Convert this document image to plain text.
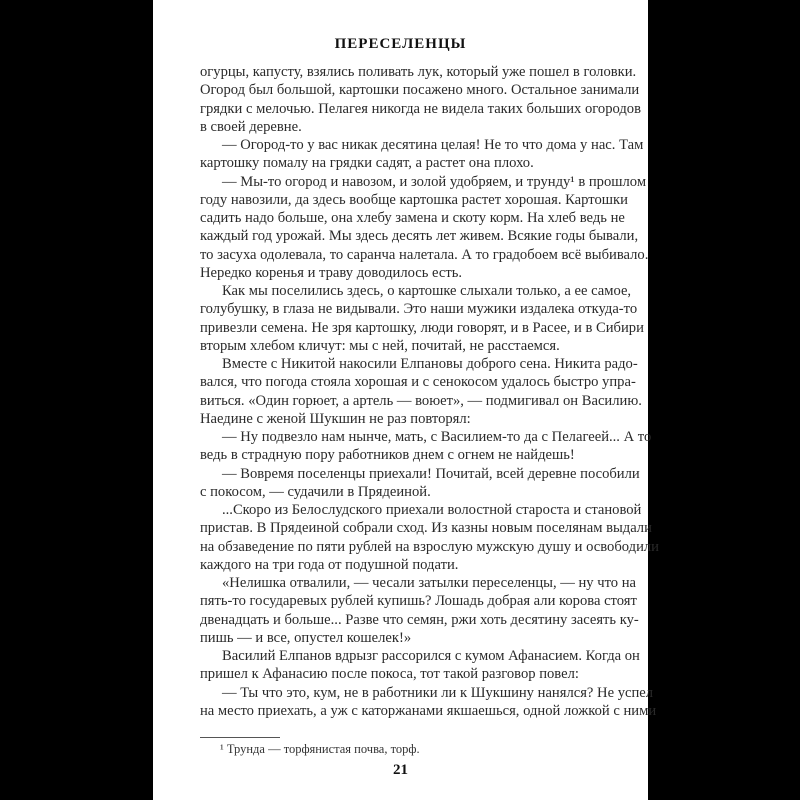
ПЕРЕСЕЛЕНЦЫ
огурцы, капусту, взялись поливать лук, который уже пошел в головки.
Огород был большой, картошки посажено много. Остальное занимали
грядки с мелочью. Пелагея никогда не видела таких больших огородов
в своей деревне.
— Огород-то у вас никак десятина целая! Не то что дома у нас. Там
картошку помалу на грядки садят, а растет она плохо.
— Мы-то огород и навозом, и золой удобряем, и трунду¹ в прошлом
году навозили, да здесь вообще картошка растет хорошая. Картошки
садить надо больше, она хлебу замена и скоту корм. На хлеб ведь не
каждый год урожай. Мы здесь десять лет живем. Всякие годы бывали,
то засуха одолевала, то саранча налетала. А то градобоем всё выбивало.
Нередко коренья и траву доводилось есть.
Как мы поселились здесь, о картошке слыхали только, а ее самое,
голубушку, в глаза не видывали. Это наши мужики издалека откуда-то
привезли семена. Не зря картошку, люди говорят, и в Расее, и в Сибири
вторым хлебом кличут: мы с ней, почитай, не расстаемся.
Вместе с Никитой накосили Елпановы доброго сена. Никита радо-
вался, что погода стояла хорошая и с сенокосом удалось быстро упра-
виться. «Один горюет, а артель — воюет», — подмигивал он Василию.
Наедине с женой Шукшин не раз повторял:
— Ну подвезло нам нынче, мать, с Василием-то да с Пелагеей... А то
ведь в страдную пору работников днем с огнем не найдешь!
— Вовремя поселенцы приехали! Почитай, всей деревне пособили
с покосом, — судачили в Прядеиной.
...Скоро из Белослудского приехали волостной староста и становой
пристав. В Прядеиной собрали сход. Из казны новым поселянам выдали
на обзаведение по пяти рублей на взрослую мужскую душу и освободили
каждого на три года от подушной подати.
«Нелишка отвалили, — чесали затылки переселенцы, — ну что на
пять-то государевых рублей купишь? Лошадь добрая али корова стоят
двенадцать и больше... Разве что семян, ржи хоть десятину засеять ку-
пишь — и все, опустел кошелек!»
Василий Елпанов вдрызг рассорился с кумом Афанасием. Когда он
пришел к Афанасию после покоса, тот такой разговор повел:
— Ты что это, кум, не в работники ли к Шукшину нанялся? Не успел
на место приехать, а уж с каторжанами якшаешься, одной ложкой с ними
¹ Трунда — торфянистая почва, торф.
21
